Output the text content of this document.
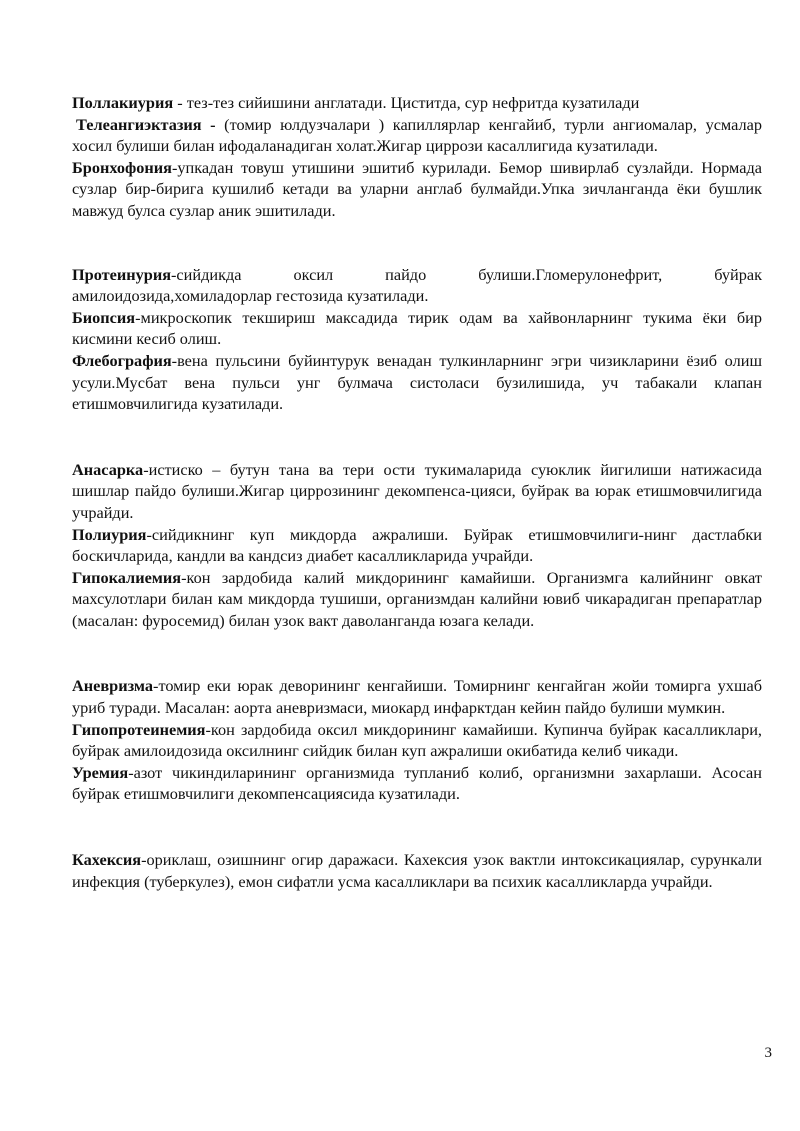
Поллакиурия - тез-тез сийишини англатади. Циститда, сур нефритда кузатилади

Телеангиэктазия - (томир юлдузчалари ) капиллярлар кенгайиб, турли ангиомалар, усмалар хосил булиши билан ифодаланадиган холат.Жигар циррози касаллигида кузатилади.

Бронхофония-упкадан товуш утишини эшитиб курилади. Бемор шивирлаб сузлайди. Нормада сузлар бир-бирига кушилиб кетади ва уларни англаб булмайди.Упка зичланганда ёки бушлик мавжуд булса сузлар аник эшитилади.

Протеинурия-сийдикда оксил пайдо булиши.Гломерулонефрит, буйрак амилоидозида,хомиладорлар гестозида кузатилади.

Биопсия-микроскопик текшириш максадида тирик одам ва хайвонларнинг тукима ёки бир кисмини кесиб олиш.

Флебография-вена пульсини буйинтурук венадан тулкинларнинг эгри чизикларини ёзиб олиш усули.Мусбат вена пульси унг булмача систоласи бузилишида, уч табакали клапан етишмовчилигида кузатилади.

Анасарка-истиско – бутун тана ва тери ости тукималарида суюклик йигилиши натижасида шишлар пайдо булиши.Жигар циррозининг декомпенса-цияси, буйрак ва юрак етишмовчилигида учрайди.

Полиурия-сийдикнинг куп микдорда ажралиши. Буйрак етишмовчилиги-нинг дастлабки боскичларида, кандли ва кандсиз диабет касалликларида учрайди.

Гипокалиемия-кон зардобида калий микдорининг камайиши. Организмга калийнинг овкат махсулотлари билан кам микдорда тушиши, организмдан калийни ювиб чикарадиган препаратлар (масалан: фуросемид) билан узок вакт даволанганда юзага келади.

Аневризма-томир еки юрак деворининг кенгайиши. Томирнинг кенгайган жойи томирга ухшаб уриб туради. Масалан: аорта аневризмаси, миокард инфарктдан кейин пайдо булиши мумкин.

Гипопротеинемия-кон зардобида оксил микдорининг камайиши. Купинча буйрак касалликлари, буйрак амилоидозида оксилнинг сийдик билан куп ажралиши окибатида келиб чикади.

Уремия-азот чикиндиларининг организмида тупланиб колиб, организмни захарлаши. Асосан буйрак етишмовчилиги декомпенсациясида кузатилади.

Кахексия-ориклаш, озишнинг огир даражаси. Кахексия узок вактли интоксикациялар, сурункали инфекция (туберкулез), емон сифатли усма касалликлари ва психик касалликларда учрайди.

3
